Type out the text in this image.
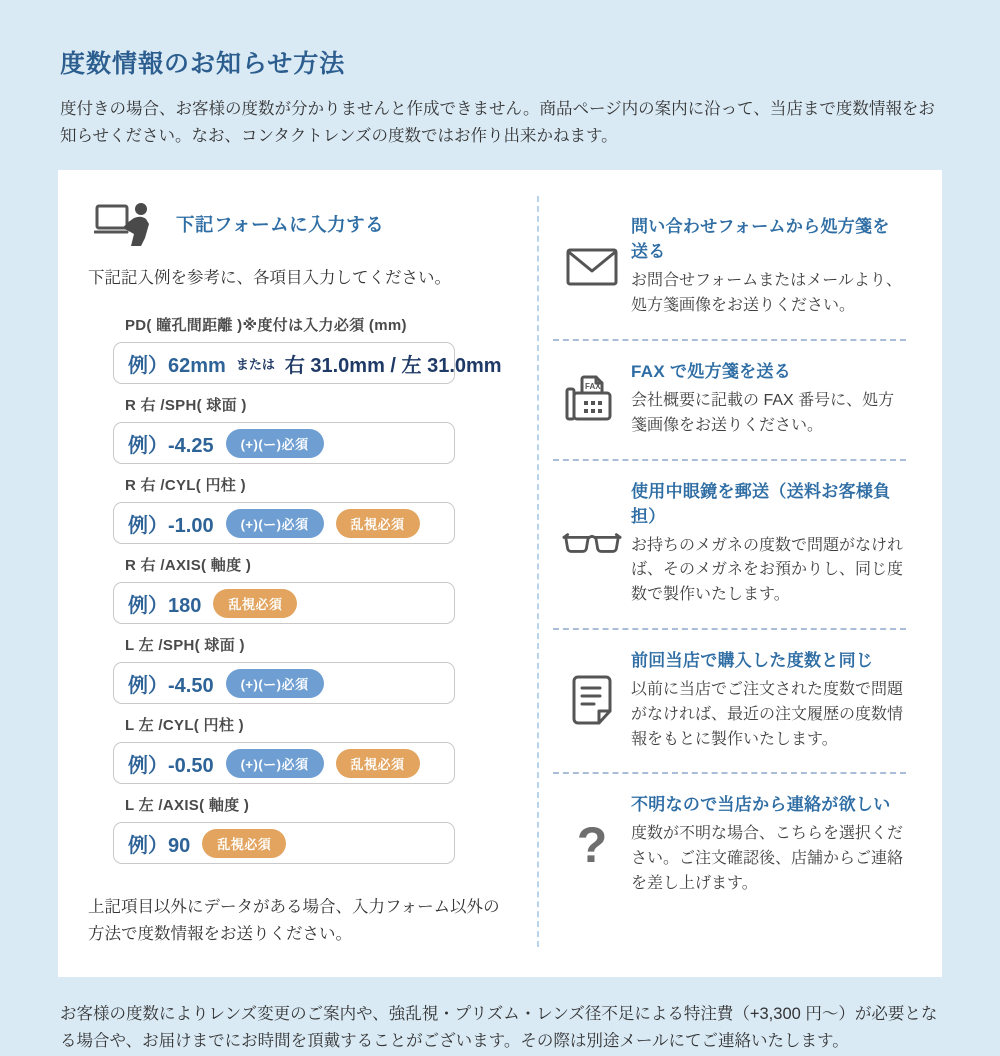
度数情報のお知らせ方法

度付きの場合、お客様の度数が分かりませんと作成できません。商品ページ内の案内に沿って、当店まで度数情報をお知らせください。なお、コンタクトレンズの度数ではお作り出来かねます。

下記フォームに入力する

下記記入例を参考に、各項目入力してください。

PD( 瞳孔間距離 )※度付は入力必須 (mm)
例）62mm または 右 31.0mm / 左 31.0mm
R 右 /SPH( 球面 )
例）-4.25	(+)(ー)必須
R 右 /CYL( 円柱 )
例）-1.00	(+)(ー)必須	乱視必須
R 右 /AXIS( 軸度 )
例）180	乱視必須
L 左 /SPH( 球面 )
例）-4.50	(+)(ー)必須
L 左 /CYL( 円柱 )
例）-0.50	(+)(ー)必須	乱視必須
L 左 /AXIS( 軸度 )
例）90	乱視必須

上記項目以外にデータがある場合、入力フォーム以外の方法で度数情報をお送りください。

問い合わせフォームから処方箋を送る
お問合せフォームまたはメールより、処方箋画像をお送りください。
FAX
FAX で処方箋を送る
会社概要に記載の FAX 番号に、処方箋画像をお送りください。
使用中眼鏡を郵送（送料お客様負担）
お持ちのメガネの度数で問題がなければ、そのメガネをお預かりし、同じ度数で製作いたします。
前回当店で購入した度数と同じ
以前に当店でご注文された度数で問題がなければ、最近の注文履歴の度数情報をもとに製作いたします。
?
不明なので当店から連絡が欲しい
度数が不明な場合、こちらを選択ください。ご注文確認後、店舗からご連絡を差し上げます。

お客様の度数によりレンズ変更のご案内や、強乱視・プリズム・レンズ径不足による特注費（+3,300 円〜）が必要となる場合や、お届けまでにお時間を頂戴することがございます。その際は別途メールにてご連絡いたします。
